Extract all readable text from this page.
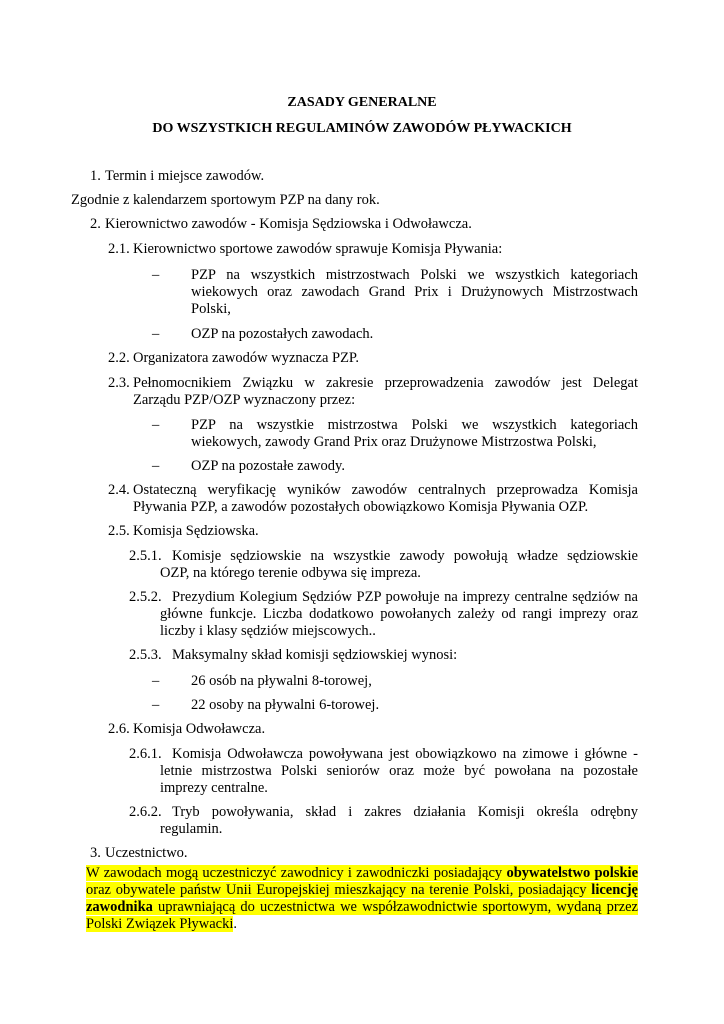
ZASADY GENERALNE
DO WSZYSTKICH REGULAMINÓW ZAWODÓW PŁYWACKICH
1. Termin i miejsce zawodów.
Zgodnie z kalendarzem sportowym PZP na dany rok.
2. Kierownictwo zawodów - Komisja Sędziowska i Odwoławcza.
2.1. Kierownictwo sportowe zawodów sprawuje Komisja Pływania:
–	PZP na wszystkich mistrzostwach Polski we wszystkich kategoriach
wiekowych oraz zawodach Grand Prix i Drużynowych Mistrzostwach
Polski,
–	OZP na pozostałych zawodach.
2.2. Organizatora zawodów wyznacza PZP.
2.3. Pełnomocnikiem Związku w zakresie przeprowadzenia zawodów jest Delegat
Zarządu PZP/OZP wyznaczony przez:
–	PZP na wszystkie mistrzostwa Polski we wszystkich kategoriach
wiekowych, zawody Grand Prix oraz Drużynowe Mistrzostwa Polski,
–	OZP na pozostałe zawody.
2.4. Ostateczną weryfikację wyników zawodów centralnych przeprowadza Komisja
Pływania PZP, a zawodów pozostałych obowiązkowo Komisja Pływania OZP.
2.5. Komisja Sędziowska.
2.5.1. Komisje sędziowskie na wszystkie zawody powołują władze sędziowskie
OZP, na którego terenie odbywa się impreza.
2.5.2. Prezydium Kolegium Sędziów PZP powołuje na imprezy centralne sędziów na
główne funkcje. Liczba dodatkowo powołanych zależy od rangi imprezy oraz
liczby i klasy sędziów miejscowych..
2.5.3. Maksymalny skład komisji sędziowskiej wynosi:
–	26 osób na pływalni 8-torowej,
–	22 osoby na pływalni 6-torowej.
2.6. Komisja Odwoławcza.
2.6.1. Komisja Odwoławcza powoływana jest obowiązkowo na zimowe i główne -
letnie mistrzostwa Polski seniorów oraz może być powołana na pozostałe
imprezy centralne.
2.6.2. Tryb powoływania, skład i zakres działania Komisji określa odrębny
regulamin.
3. Uczestnictwo.
W zawodach mogą uczestniczyć zawodnicy i zawodniczki posiadający obywatelstwo polskie
oraz obywatele państw Unii Europejskiej mieszkający na terenie Polski, posiadający licencję
zawodnika uprawniającą do uczestnictwa we współzawodnictwie sportowym, wydaną przez
Polski Związek Pływacki.
